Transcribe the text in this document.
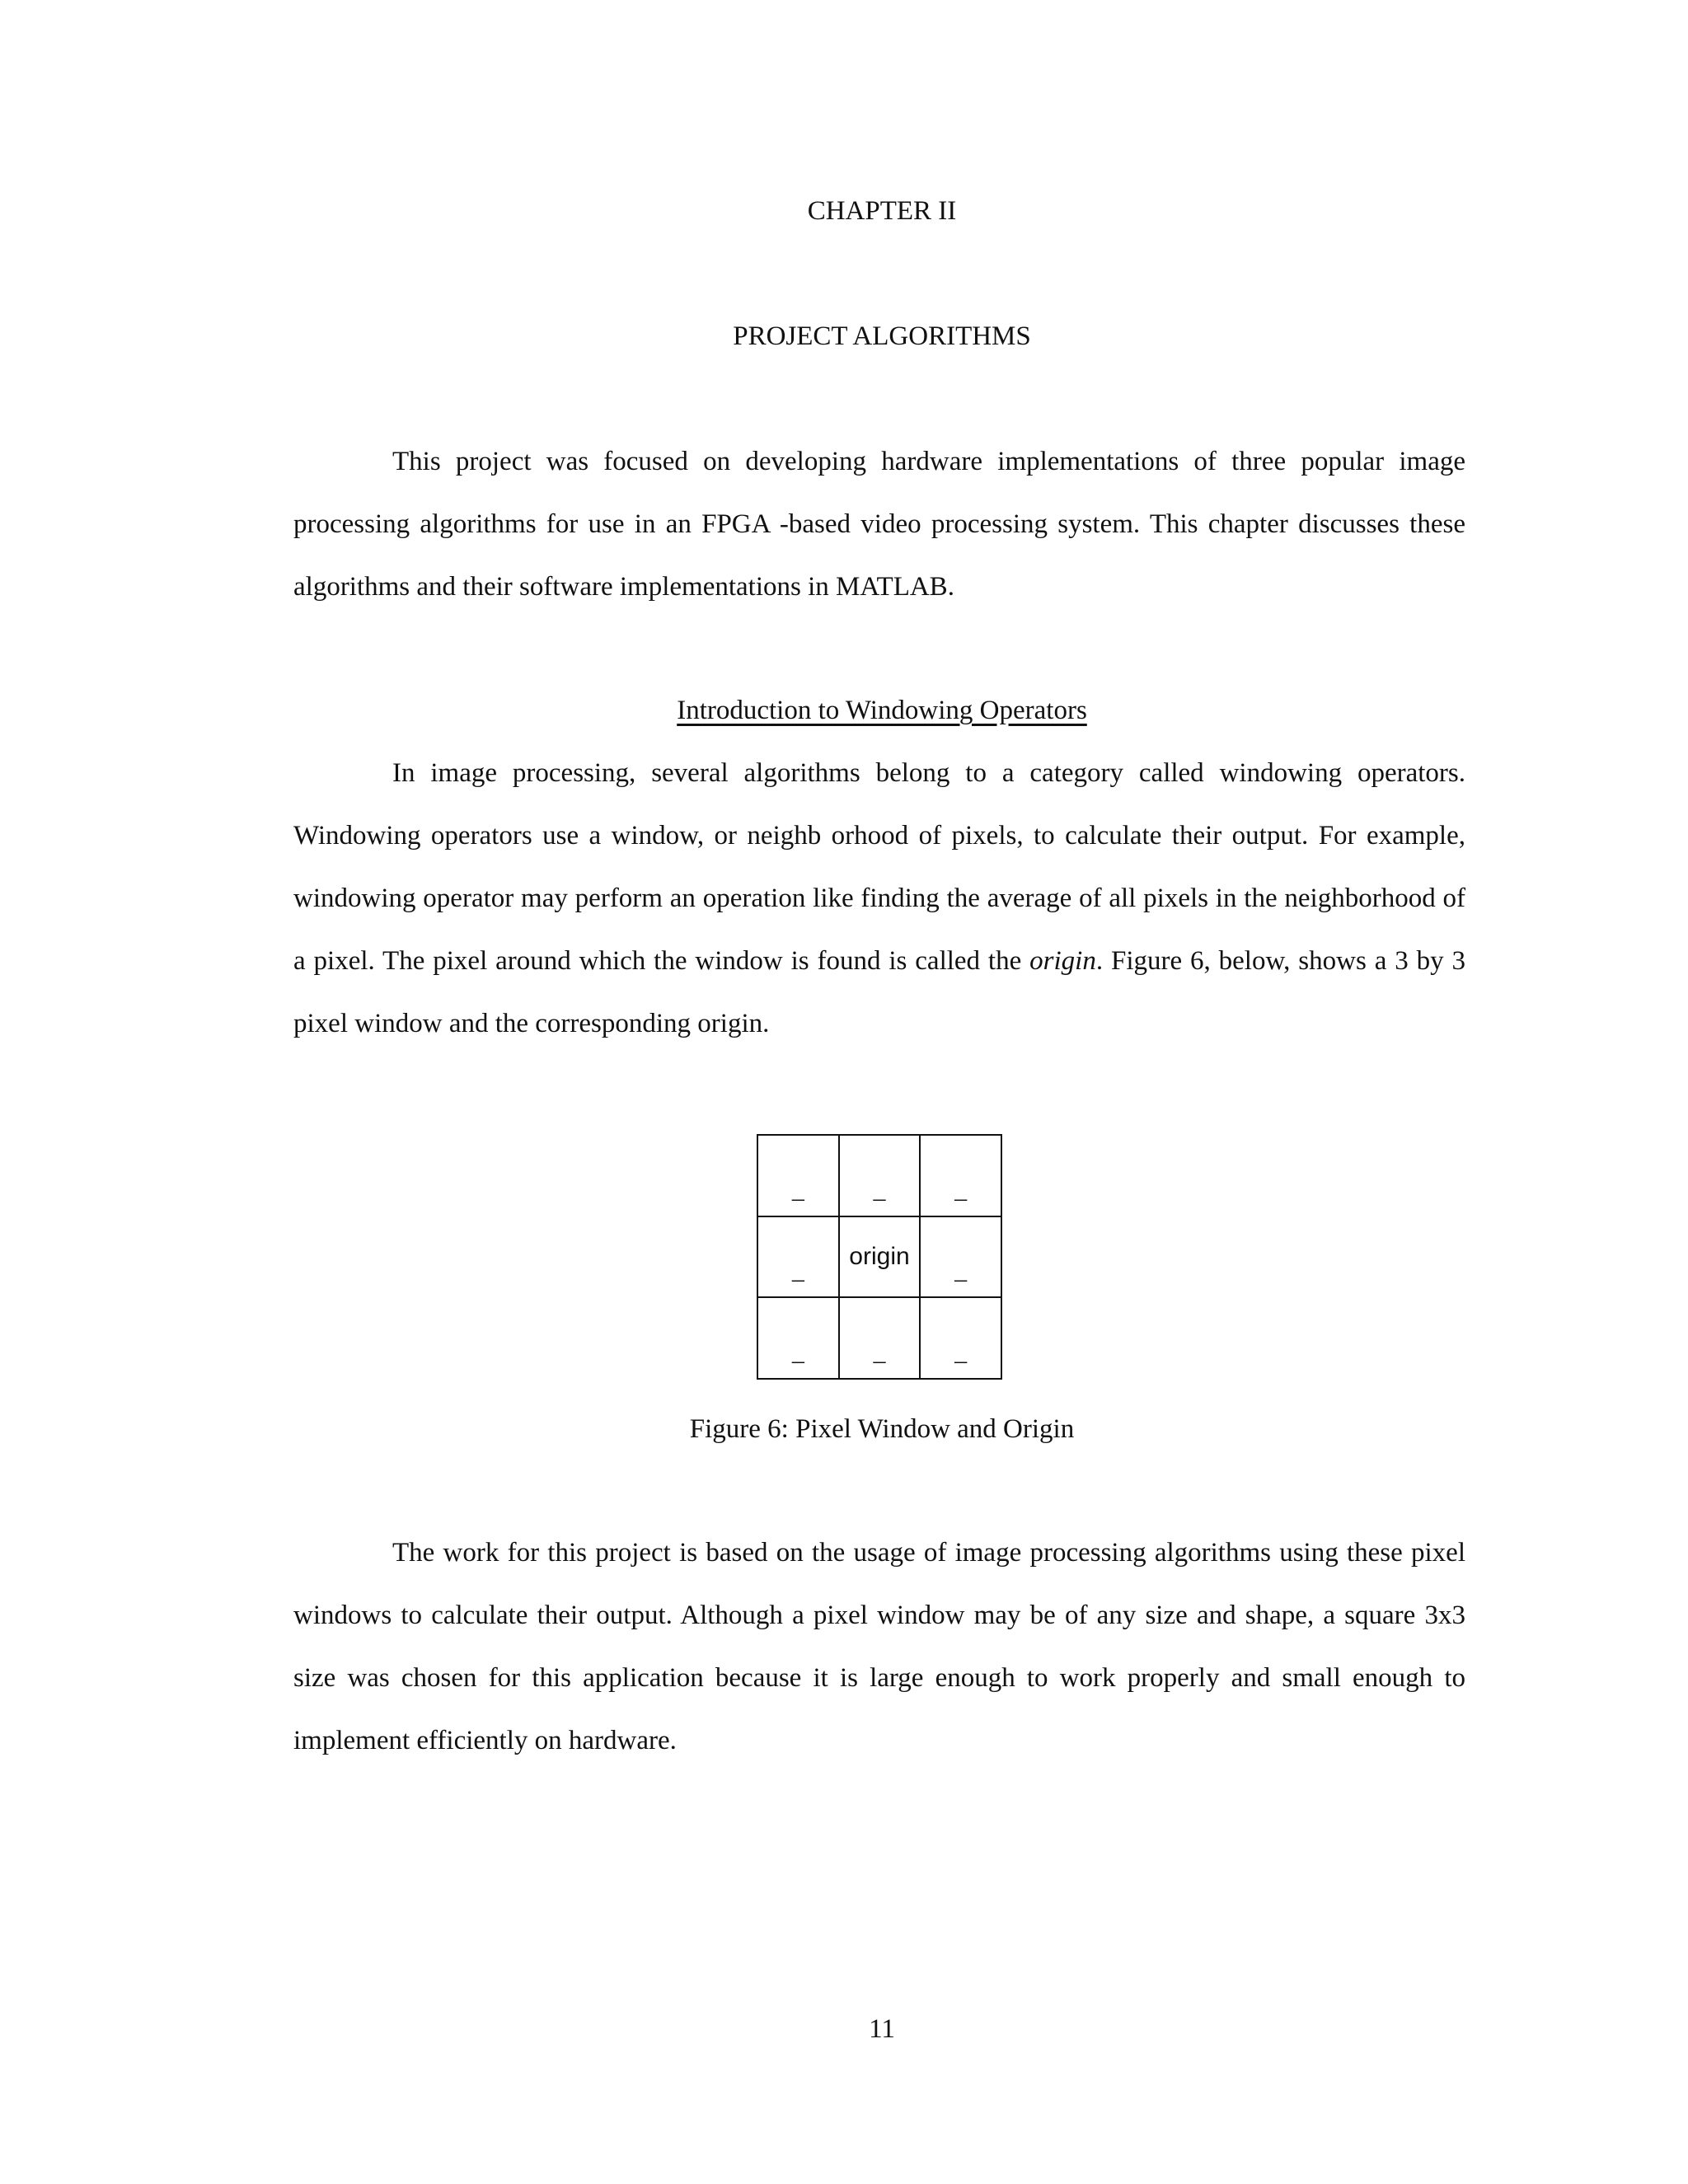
CHAPTER II
PROJECT ALGORITHMS

This project was focused on developing hardware implementations of three popular image processing algorithms for use in an FPGA -based video processing system. This chapter discusses these algorithms and their software implementations in MATLAB.

Introduction to Windowing Operators

In image processing, several algorithms belong to a category called windowing operators. Windowing operators use a window, or neighb orhood of pixels, to calculate their output. For example, windowing operator may perform an operation like finding the average of all pixels in the neighborhood of a pixel. The pixel around which the window is found is called the origin. Figure 6, below, shows a 3 by 3 pixel window and the corresponding origin.

_	_	_
_	origin	_
_	_	_
Figure 6: Pixel Window and Origin

The work for this project is based on the usage of image processing algorithms using these pixel windows to calculate their output. Although a pixel window may be of any size and shape, a square 3x3 size was chosen for this application because it is large enough to work properly and small enough to implement efficiently on hardware.

11
